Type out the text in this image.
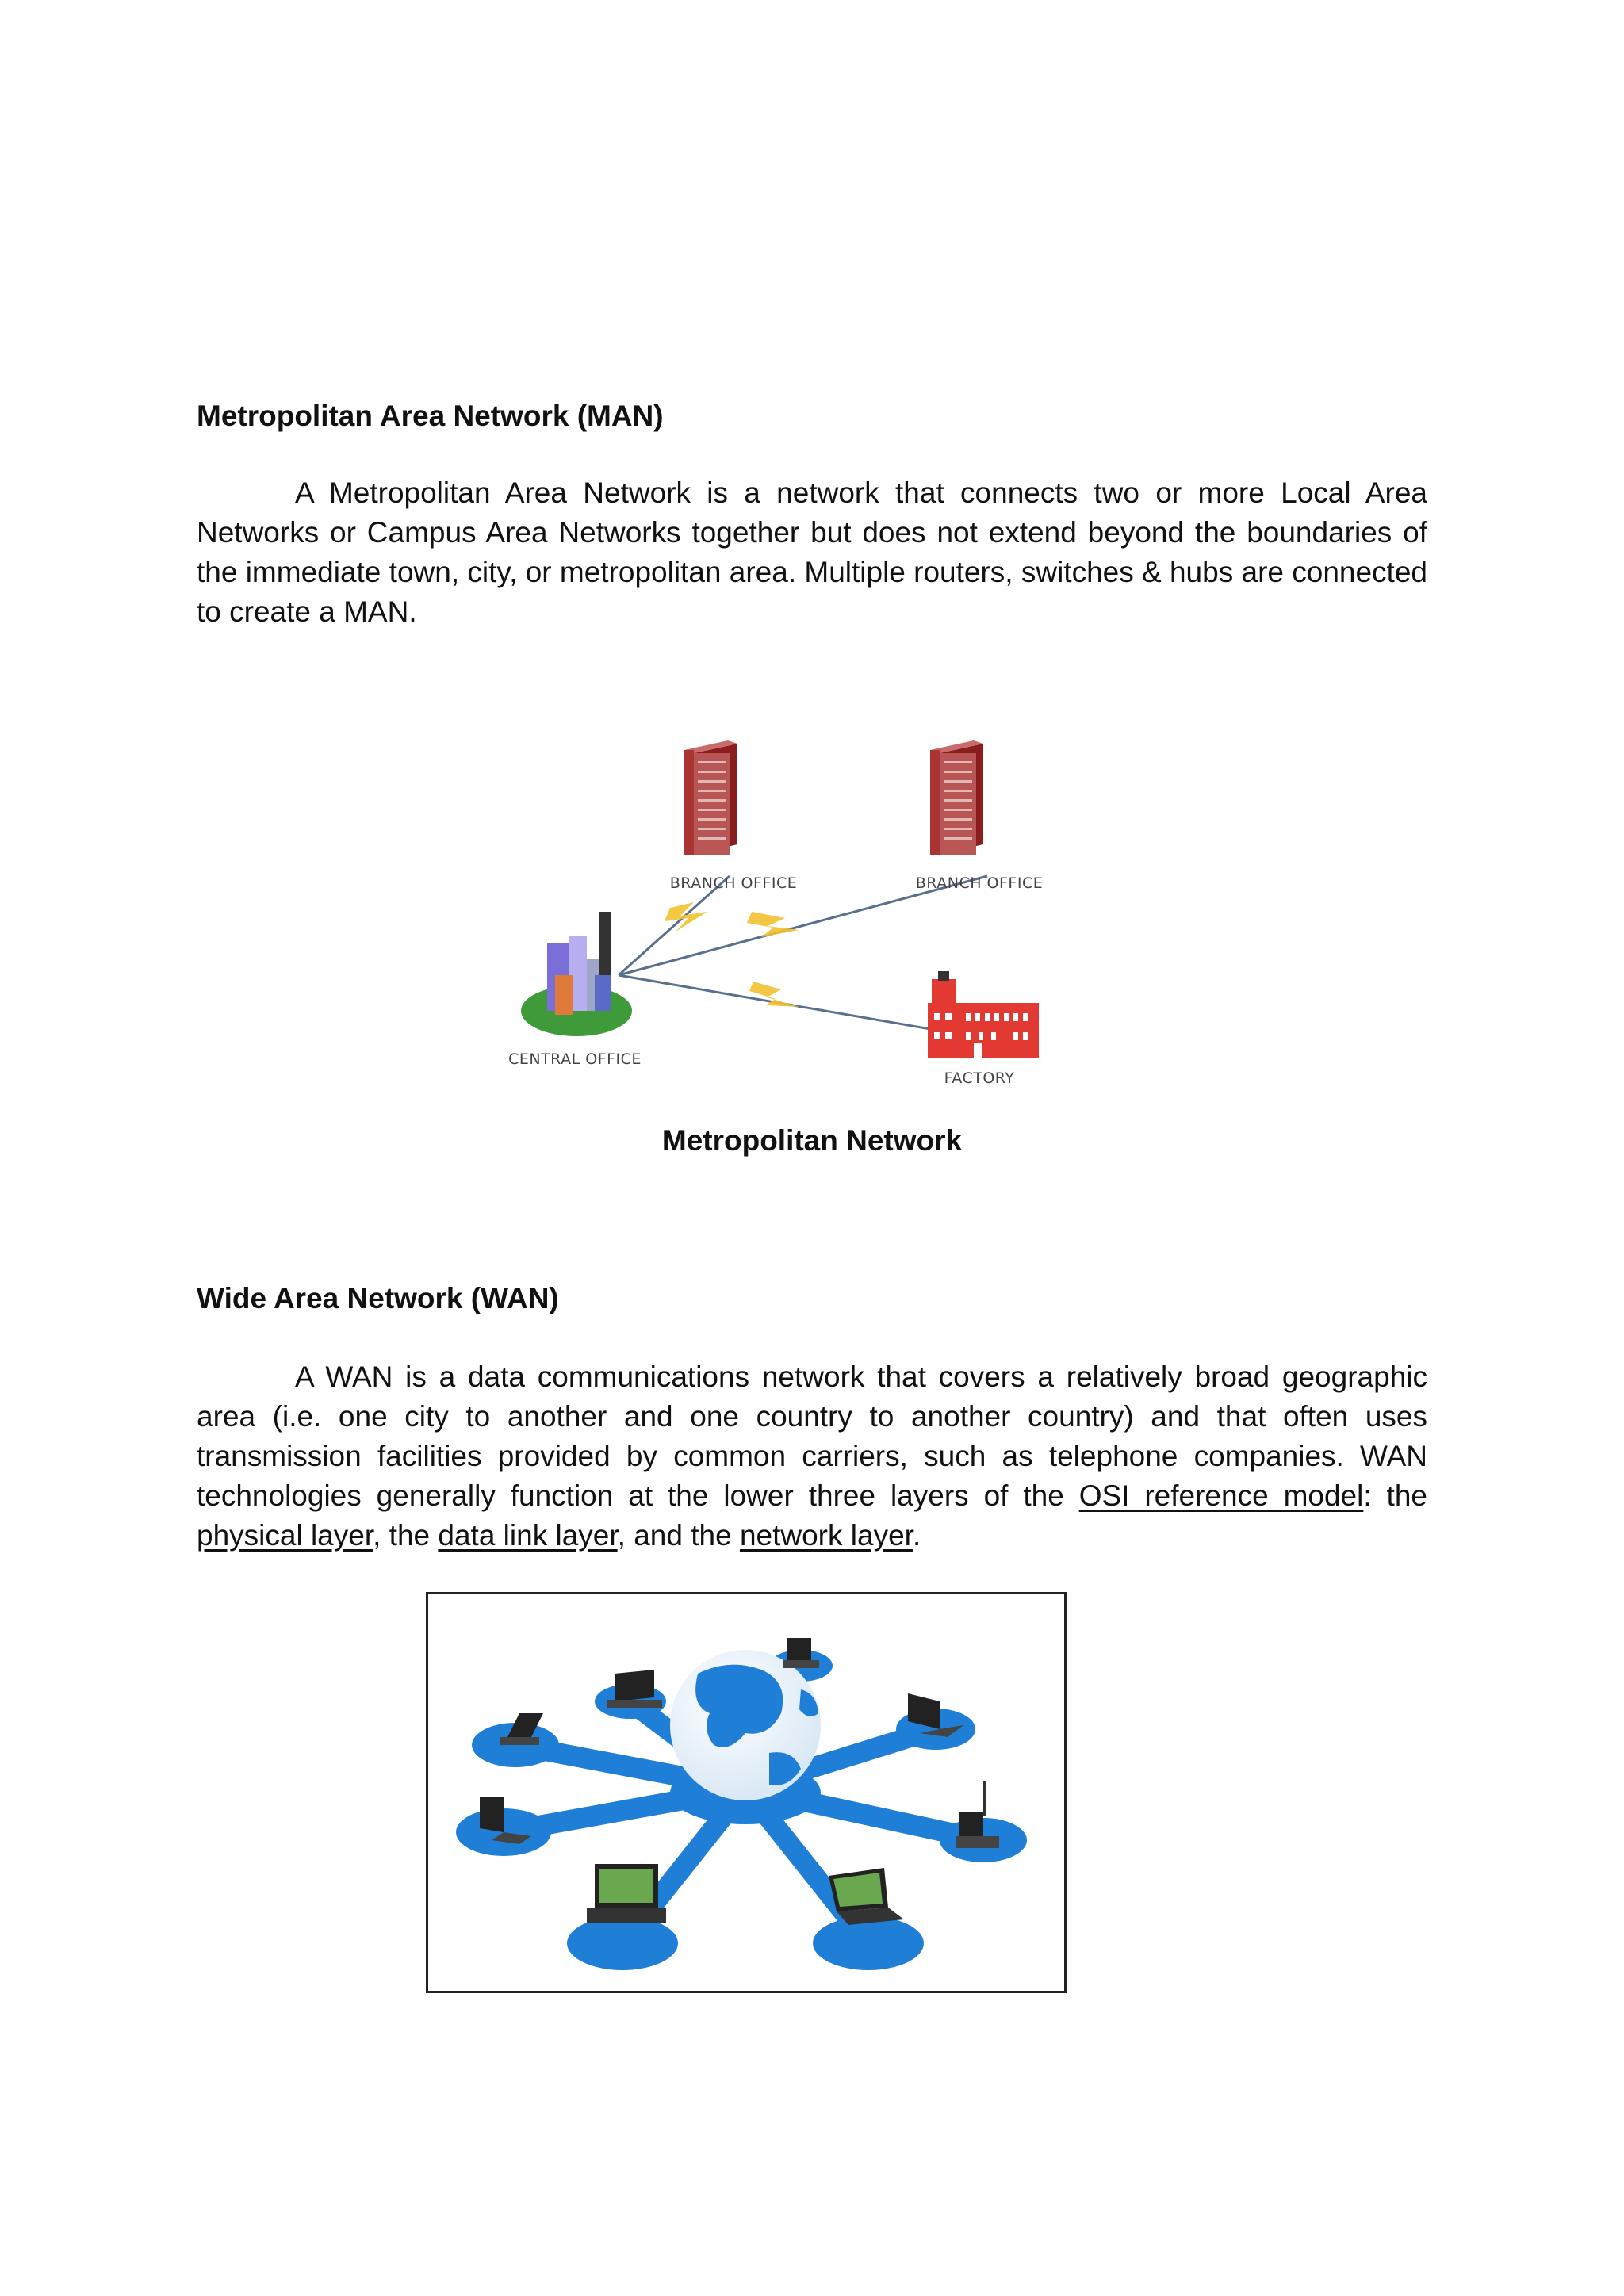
Metropolitan Area Network (MAN)

A Metropolitan Area Network is a network that connects two or more Local Area Networks or Campus Area Networks together but does not extend beyond the boundaries of the immediate town, city, or metropolitan area. Multiple routers, switches & hubs are connected to create a MAN.

BRANCH OFFICE	BRANCH OFFICE
CENTRAL OFFICE
FACTORY
Metropolitan Network
Wide Area Network (WAN)

A WAN is a data communications network that covers a relatively broad geographic area (i.e. one city to another and one country to another country) and that often uses transmission facilities provided by common carriers, such as telephone companies. WAN technologies generally function at the lower three layers of the OSI reference model: the physical layer, the data link layer, and the network layer.
